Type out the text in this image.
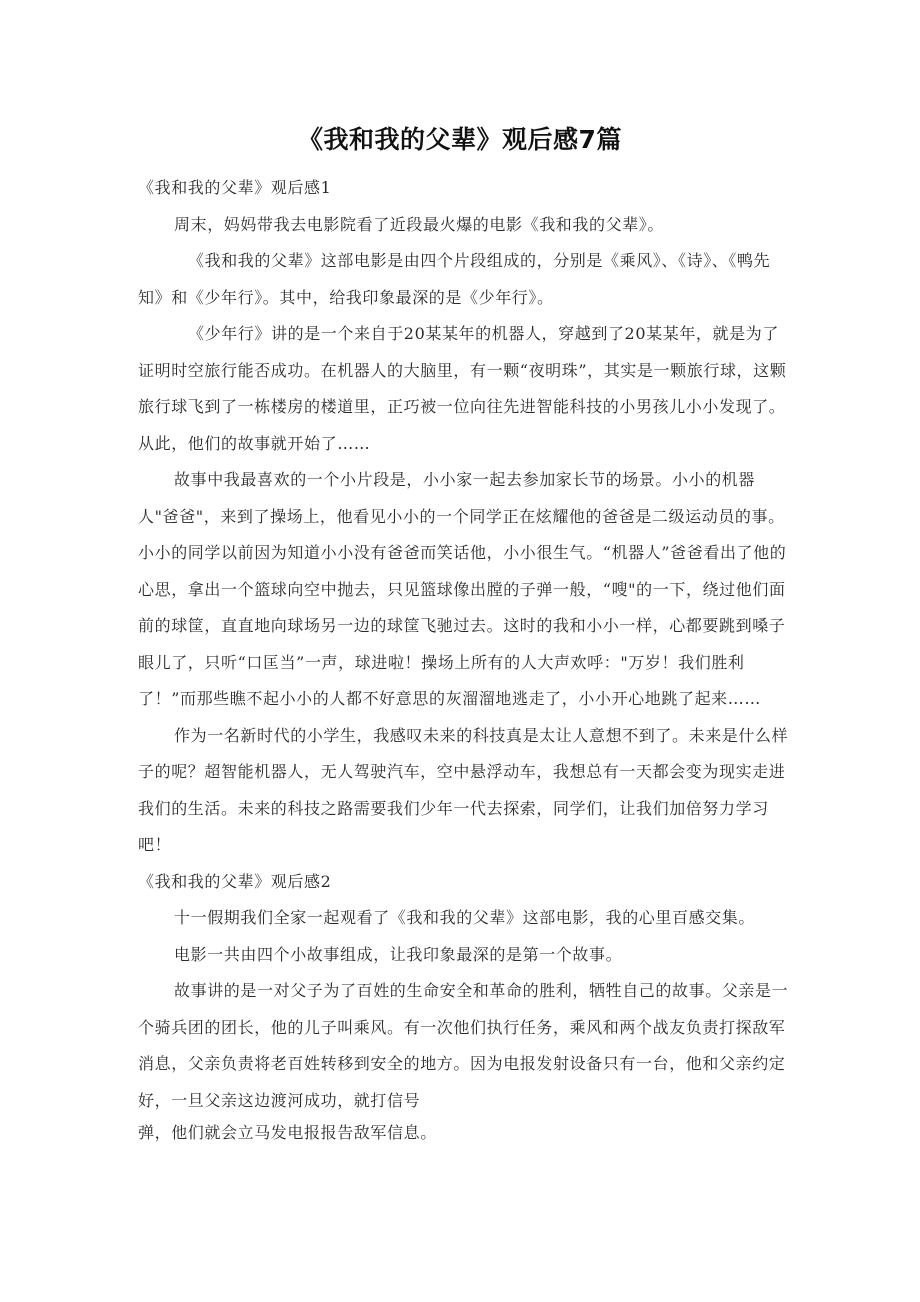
《我和我的父辈》观后感7篇

《我和我的父辈》观后感1

周末，妈妈带我去电影院看了近段最火爆的电影《我和我的父辈》。

《我和我的父辈》这部电影是由四个片段组成的，分别是《乘风》、《诗》、《鸭先知》和《少年行》。其中，给我印象最深的是《少年行》。

《少年行》讲的是一个来自于20某某年的机器人，穿越到了20某某年，就是为了证明时空旅行能否成功。在机器人的大脑里，有一颗“夜明珠”，其实是一颗旅行球，这颗旅行球飞到了一栋楼房的楼道里，正巧被一位向往先进智能科技的小男孩儿小小发现了。从此，他们的故事就开始了……

故事中我最喜欢的一个小片段是，小小家一起去参加家长节的场景。小小的机器人"爸爸"，来到了操场上，他看见小小的一个同学正在炫耀他的爸爸是二级运动员的事。小小的同学以前因为知道小小没有爸爸而笑话他，小小很生气。“机器人”爸爸看出了他的心思，拿出一个篮球向空中抛去，只见篮球像出膛的子弹一般，“嗖"的一下，绕过他们面前的球筐，直直地向球场另一边的球筐飞驰过去。这时的我和小小一样，心都要跳到嗓子眼儿了，只听“口匡当”一声，球进啦！操场上所有的人大声欢呼："万岁！我们胜利了！”而那些瞧不起小小的人都不好意思的灰溜溜地逃走了，小小开心地跳了起来……

作为一名新时代的小学生，我感叹未来的科技真是太让人意想不到了。未来是什么样子的呢？超智能机器人，无人驾驶汽车，空中悬浮动车，我想总有一天都会变为现实走进我们的生活。未来的科技之路需要我们少年一代去探索，同学们，让我们加倍努力学习吧！

《我和我的父辈》观后感2

十一假期我们全家一起观看了《我和我的父辈》这部电影，我的心里百感交集。

电影一共由四个小故事组成，让我印象最深的是第一个故事。

故事讲的是一对父子为了百姓的生命安全和革命的胜利，牺牲自己的故事。父亲是一个骑兵团的团长，他的儿子叫乘风。有一次他们执行任务，乘风和两个战友负责打探敌军消息，父亲负责将老百姓转移到安全的地方。因为电报发射设备只有一台，他和父亲约定好，一旦父亲这边渡河成功，就打信号

弹，他们就会立马发电报报告敌军信息。
